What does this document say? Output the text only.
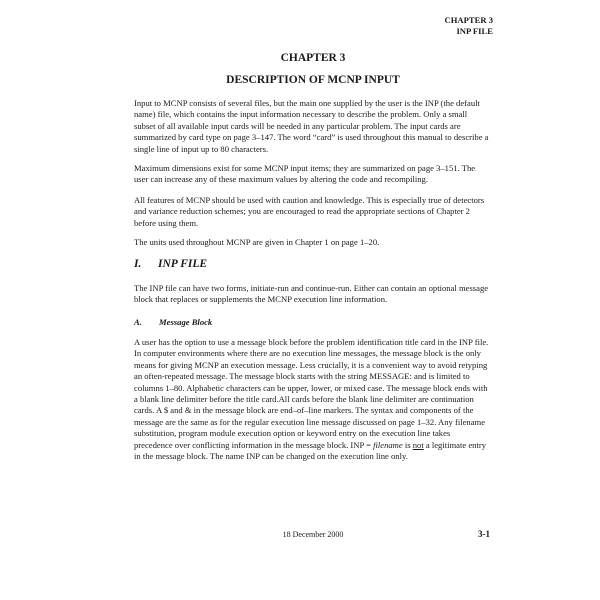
CHAPTER 3
INP FILE
CHAPTER 3
DESCRIPTION OF MCNP INPUT

Input to MCNP consists of several files, but the main one supplied by the user is the INP (the default name) file, which contains the input information necessary to describe the problem. Only a small subset of all available input cards will be needed in any particular problem. The input cards are summarized by card type on page 3–147. The word “card” is used throughout this manual to describe a single line of input up to 80 characters.

Maximum dimensions exist for some MCNP input items; they are summarized on page 3–151. The user can increase any of these maximum values by altering the code and recompiling.

All features of MCNP should be used with caution and knowledge. This is especially true of detectors and variance reduction schemes; you are encouraged to read the appropriate sections of Chapter 2 before using them.

The units used throughout MCNP are given in Chapter 1 on page 1–20.

I. INP FILE

The INP file can have two forms, initiate-run and continue-run. Either can contain an optional message block that replaces or supplements the MCNP execution line information.

A. Message Block

A user has the option to use a message block before the problem identification title card in the INP file. In computer environments where there are no execution line messages, the message block is the only means for giving MCNP an execution message. Less crucially, it is a convenient way to avoid retyping an often-repeated message. The message block starts with the string MESSAGE: and is limited to columns 1–80. Alphabetic characters can be upper, lower, or mixed case. The message block ends with a blank line delimiter before the title card.All cards before the blank line delimiter are continuation cards. A $ and & in the message block are end–of–line markers. The syntax and components of the message are the same as for the regular execution line message discussed on page 1–32. Any filename substitution, program module execution option or keyword entry on the execution line takes precedence over conflicting information in the message block. INP = filename is not a legitimate entry in the message block. The name INP can be changed on the execution line only.

18 December 2000	3-1
